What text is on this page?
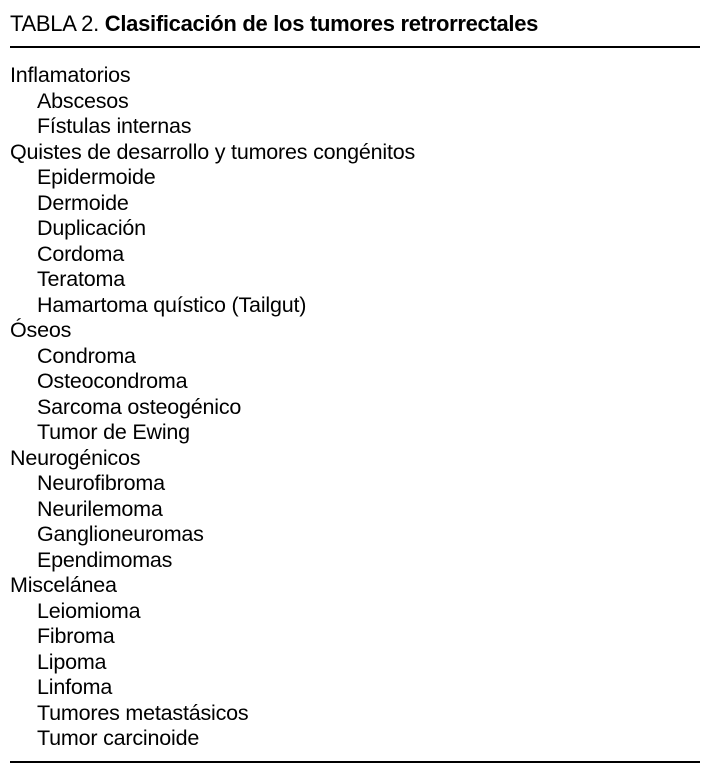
TABLA 2. Clasificación de los tumores retrorrectales
Inflamatorios
Abscesos
Fístulas internas
Quistes de desarrollo y tumores congénitos
Epidermoide
Dermoide
Duplicación
Cordoma
Teratoma
Hamartoma quístico (Tailgut)
Óseos
Condroma
Osteocondroma
Sarcoma osteogénico
Tumor de Ewing
Neurogénicos
Neurofibroma
Neurilemoma
Ganglioneuromas
Ependimomas
Miscelánea
Leiomioma
Fibroma
Lipoma
Linfoma
Tumores metastásicos
Tumor carcinoide
